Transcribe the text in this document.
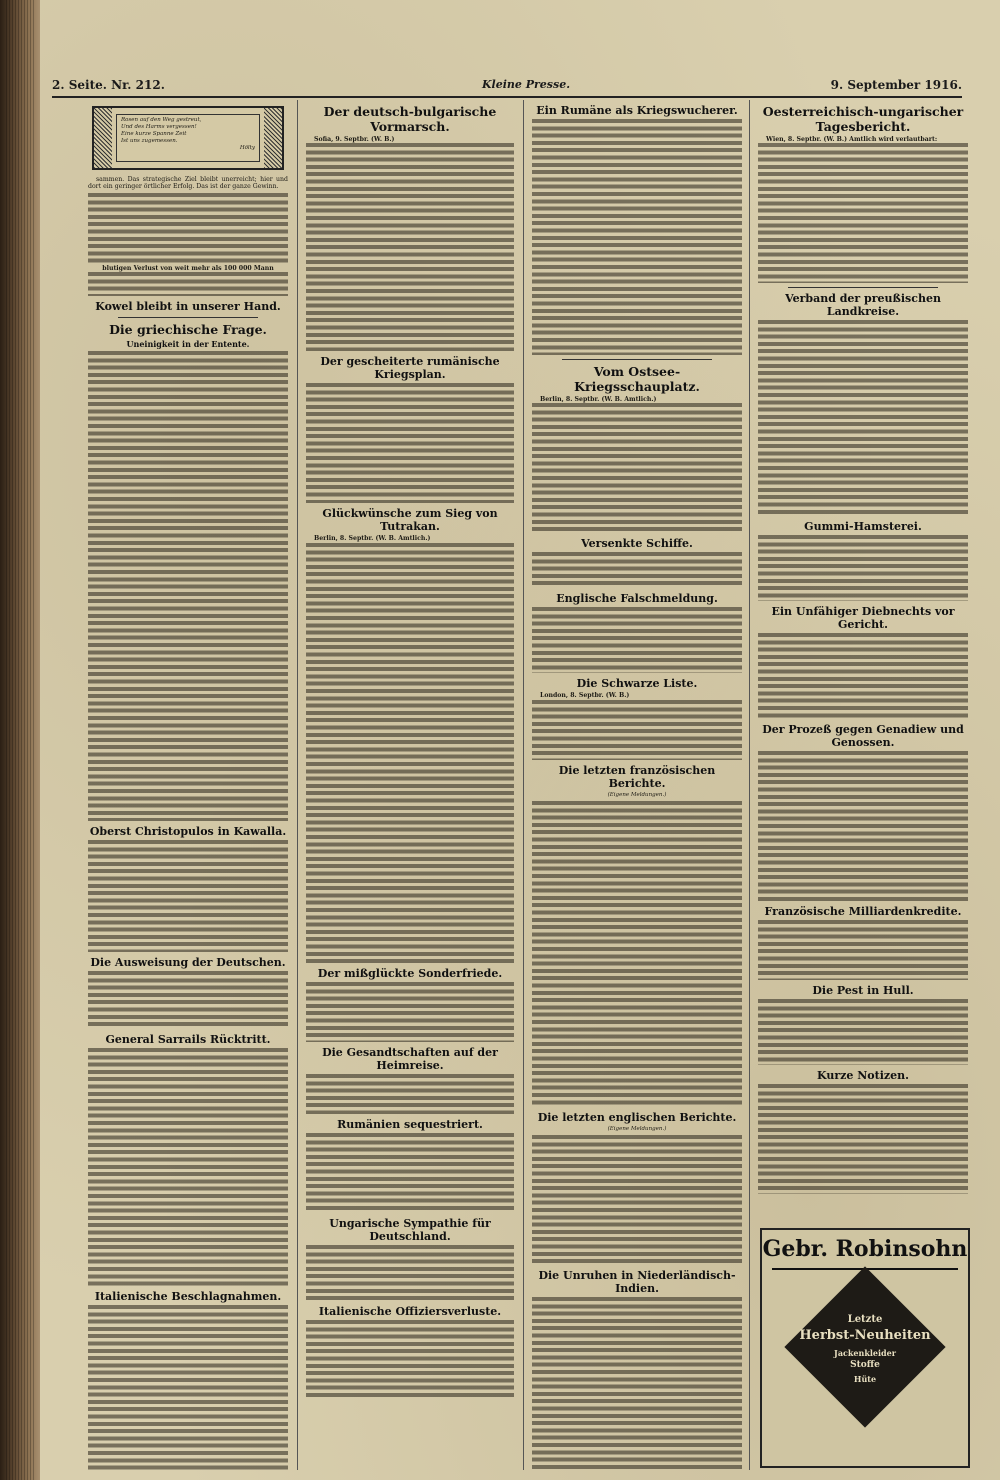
2. Seite. Nr. 212.	Kleine Presse.	9. September 1916.
Rosen auf den Weg gestreut,
Und des Harms vergessen!
Eine kurze Spanne Zeit
Ist uns zugemessen.
Hölty

sammen. Das strategische Ziel bleibt unerreicht; hier und dort ein geringer örtlicher Erfolg. Das ist der ganze Gewinn.

blutigen Verlust von weit mehr als 100 000 Mann
Kowel bleibt in unserer Hand.
Die griechische Frage.
Uneinigkeit in der Entente.
Oberst Christopulos in Kawalla.
Die Ausweisung der Deutschen.
General Sarrails Rücktritt.
Italienische Beschlagnahmen.
Der deutsch-bulgarische Vormarsch.

Sofia, 9. Septbr. (W. B.)

Der gescheiterte rumänische Kriegsplan.
Glückwünsche zum Sieg von Tutrakan.

Berlin, 8. Septbr. (W. B. Amtlich.)

Der mißglückte Sonderfriede.
Die Gesandtschaften auf der Heimreise.
Rumänien sequestriert.
Ungarische Sympathie für Deutschland.
Italienische Offiziersverluste.
Ein Rumäne als Kriegswucherer.
Vom Ostsee-Kriegsschauplatz.

Berlin, 8. Septbr. (W. B. Amtlich.)

Versenkte Schiffe.
Englische Falschmeldung.
Die Schwarze Liste.

London, 8. Septbr. (W. B.)

Die letzten französischen Berichte.
(Eigene Meldungen.)
Die letzten englischen Berichte.
(Eigene Meldungen.)
Die Unruhen in Niederländisch-Indien.
Oesterreichisch-ungarischer Tagesbericht.

Wien, 8. Septbr. (W. B.) Amtlich wird verlautbart:

Verband der preußischen Landkreise.
Gummi-Hamsterei.
Ein Unfähiger Diebnechts vor Gericht.
Der Prozeß gegen Genadiew und Genossen.
Französische Milliardenkredite.
Die Pest in Hull.
Kurze Notizen.
Gebr. Robinsohn
Letzte
Herbst-Neuheiten
Jackenkleider
Stoffe
Hüte
